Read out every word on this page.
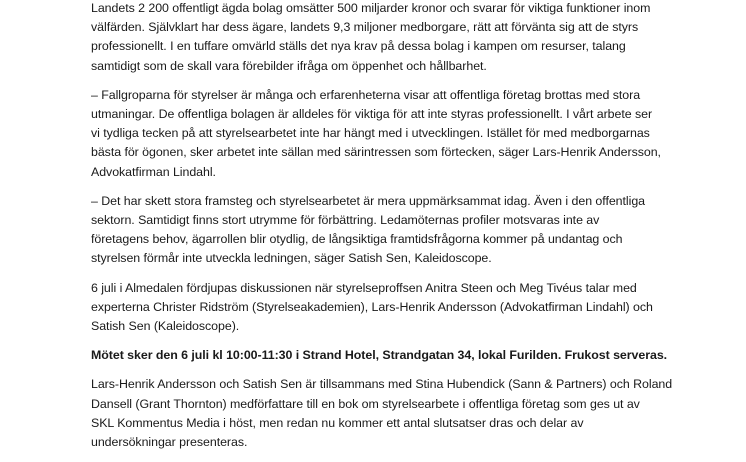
Landets 2 200 offentligt ägda bolag omsätter 500 miljarder kronor och svarar för viktiga funktioner inom
välfärden. Självklart har dess ägare, landets 9,3 miljoner medborgare, rätt att förvänta sig att de styrs
professionellt. I en tuffare omvärld ställs det nya krav på dessa bolag i kampen om resurser, talang
samtidigt som de skall vara förebilder ifråga om öppenhet och hållbarhet.

– Fallgroparna för styrelser är många och erfarenheterna visar att offentliga företag brottas med stora
utmaningar. De offentliga bolagen är alldeles för viktiga för att inte styras professionellt. I vårt arbete ser
vi tydliga tecken på att styrelsearbetet inte har hängt med i utvecklingen. Istället för med medborgarnas
bästa för ögonen, sker arbetet inte sällan med särintressen som förtecken, säger Lars-Henrik Andersson,
Advokatfirman Lindahl.

– Det har skett stora framsteg och styrelsearbetet är mera uppmärksammat idag. Även i den offentliga
sektorn. Samtidigt finns stort utrymme för förbättring. Ledamöternas profiler motsvaras inte av
företagens behov, ägarrollen blir otydlig, de långsiktiga framtidsfrågorna kommer på undantag och
styrelsen förmår inte utveckla ledningen, säger Satish Sen, Kaleidoscope.

6 juli i Almedalen fördjupas diskussionen när styrelseproffsen Anitra Steen och Meg Tivéus talar med
experterna Christer Ridström (Styrelseakademien), Lars-Henrik Andersson (Advokatfirman Lindahl) och
Satish Sen (Kaleidoscope).

Mötet sker den 6 juli kl 10:00-11:30 i Strand Hotel, Strandgatan 34, lokal Furilden. Frukost serveras.

Lars-Henrik Andersson och Satish Sen är tillsammans med Stina Hubendick (Sann & Partners) och Roland
Dansell (Grant Thornton) medförfattare till en bok om styrelsearbete i offentliga företag som ges ut av
SKL Kommentus Media i höst, men redan nu kommer ett antal slutsatser dras och delar av
undersökningar presenteras.
